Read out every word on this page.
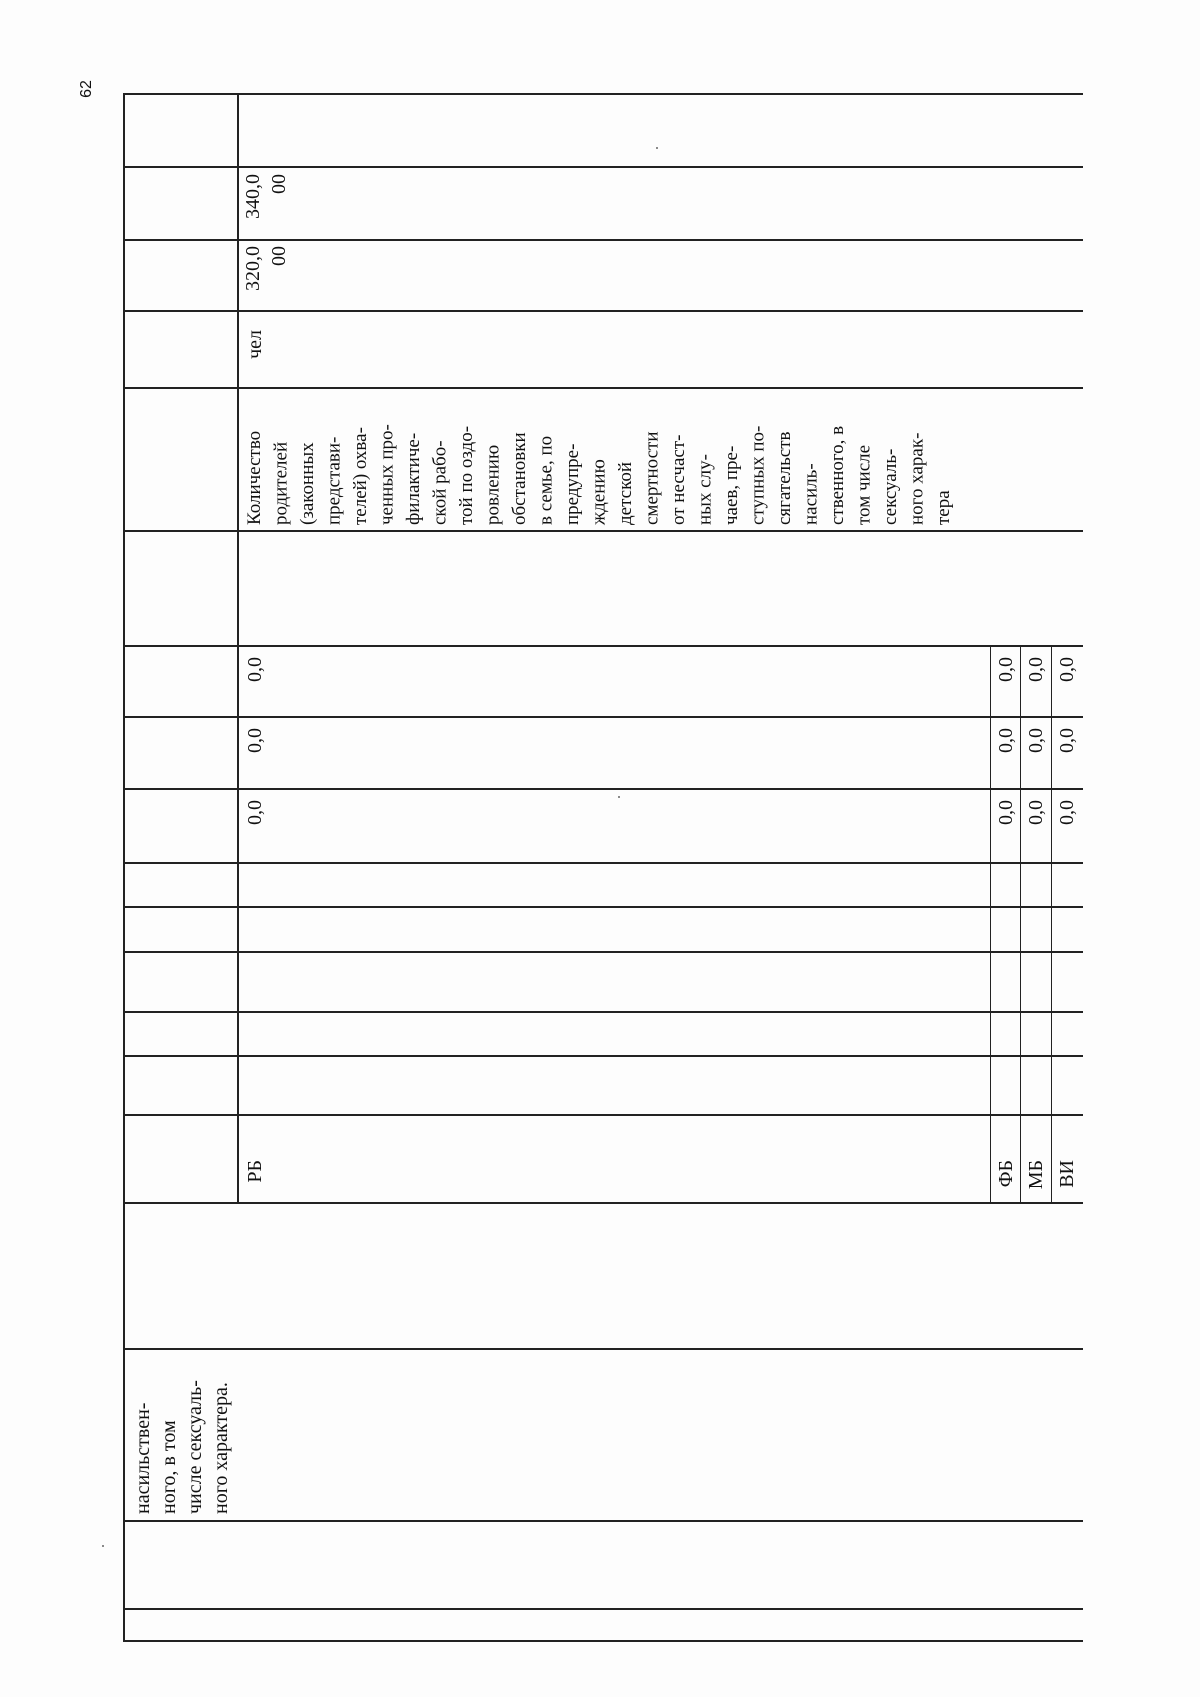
62
насильствен- ного, в том числе сексуаль- ного характера.
РБ
0,0
0,0
0,0
ФБ МБ ВИ
0,0
0,0
0,0
0,0
0,0
0,0
0,0
0,0
0,0
Количество родителей (законных представи- телей) охва- ченных про- филактиче- ской рабо- той по оздо- ровлению обстановки в семье, по предупре- ждению детской смертности от несчаст- ных слу- чаев, пре- ступных по- сягательств насиль- ственного, в том числе сексуаль- ного харак- тера
чел
320,0 00
340,0 00
